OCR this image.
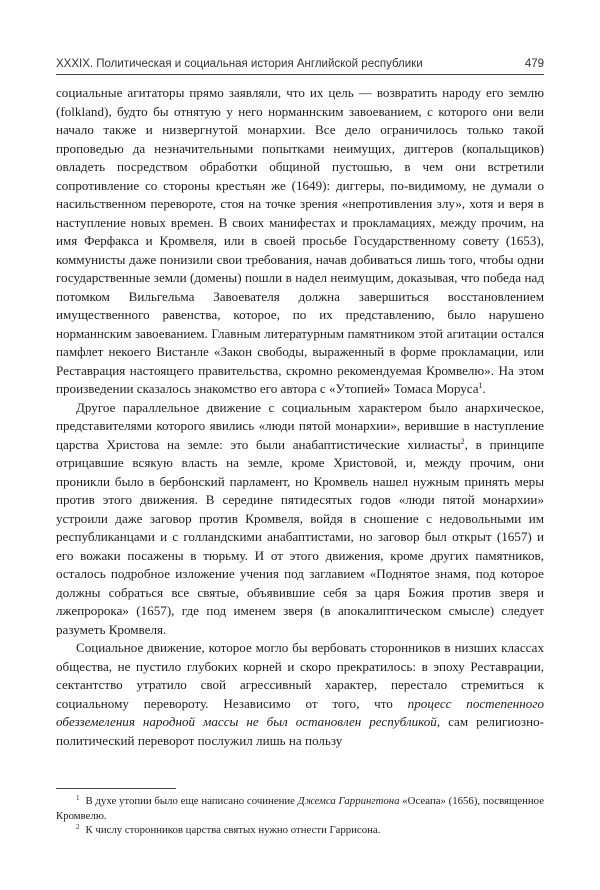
XXXIX. Политическая и социальная история Английской республики	479

социальные агитаторы прямо заявляли, что их цель — возвратить народу его землю (folkland), будто бы отнятую у него норманнским завоеванием, с которого они вели начало также и низвергнутой монархии. Все дело ограничилось только такой проповедью да незначительными попытками неимущих, диггеров (копальщиков) овладеть посредством обработки общиной пустошью, в чем они встретили сопротивление со стороны крестьян же (1649): диггеры, по-видимому, не думали о насильственном перевороте, стоя на точке зрения «непротивления злу», хотя и веря в наступление новых времен. В своих манифестах и прокламациях, между прочим, на имя Ферфакса и Кромвеля, или в своей просьбе Государственному совету (1653), коммунисты даже понизили свои требования, начав добиваться лишь того, чтобы одни государственные земли (домены) пошли в надел неимущим, доказывая, что победа над потомком Вильгельма Завоевателя должна завершиться восстановлением имущественного равенства, которое, по их представлению, было нарушено норманнским завоеванием. Главным литературным памятником этой агитации остался памфлет некоего Вистанле «Закон свободы, выраженный в форме прокламации, или Реставрация настоящего правительства, скромно рекомендуемая Кромвелю». На этом произведении сказалось знакомство его автора с «Утопией» Томаса Моруса$^1$.

Другое параллельное движение с социальным характером было анархическое, представителями которого явились «люди пятой монархии», верившие в наступление царства Христова на земле: это были анабаптистические хилиасты$^2$, в принципе отрицавшие всякую власть на земле, кроме Христовой, и, между прочим, они проникли было в бербонский парламент, но Кромвель нашел нужным принять меры против этого движения. В середине пятидесятых годов «люди пятой монархии» устроили даже заговор против Кромвеля, войдя в сношение с недовольными им республиканцами и с голландскими анабаптистами, но заговор был открыт (1657) и его вожаки посажены в тюрьму. И от этого движения, кроме других памятников, осталось подробное изложение учения под заглавием «Поднятое знамя, под которое должны собраться все святые, объявившие себя за царя Божия против зверя и лжепророка» (1657), где под именем зверя (в апокалиптическом смысле) следует разуметь Кромвеля.

Социальное движение, которое могло бы вербовать сторонников в низших классах общества, не пустило глубоких корней и скоро прекратилось: в эпоху Реставрации, сектантство утратило свой агрессивный характер, перестало стремиться к социальному перевороту. Независимо от того, что процесс постепенного обезземеления народной массы не был остановлен республикой, сам религиозно-политический переворот послужил лишь на пользу

$^1$ В духе утопии было еще написано сочинение Джемса Гаррингтона «Осеапа» (1656), посвященное Кромвелю.

$^2$ К числу сторонников царства святых нужно отнести Гаррисона.
